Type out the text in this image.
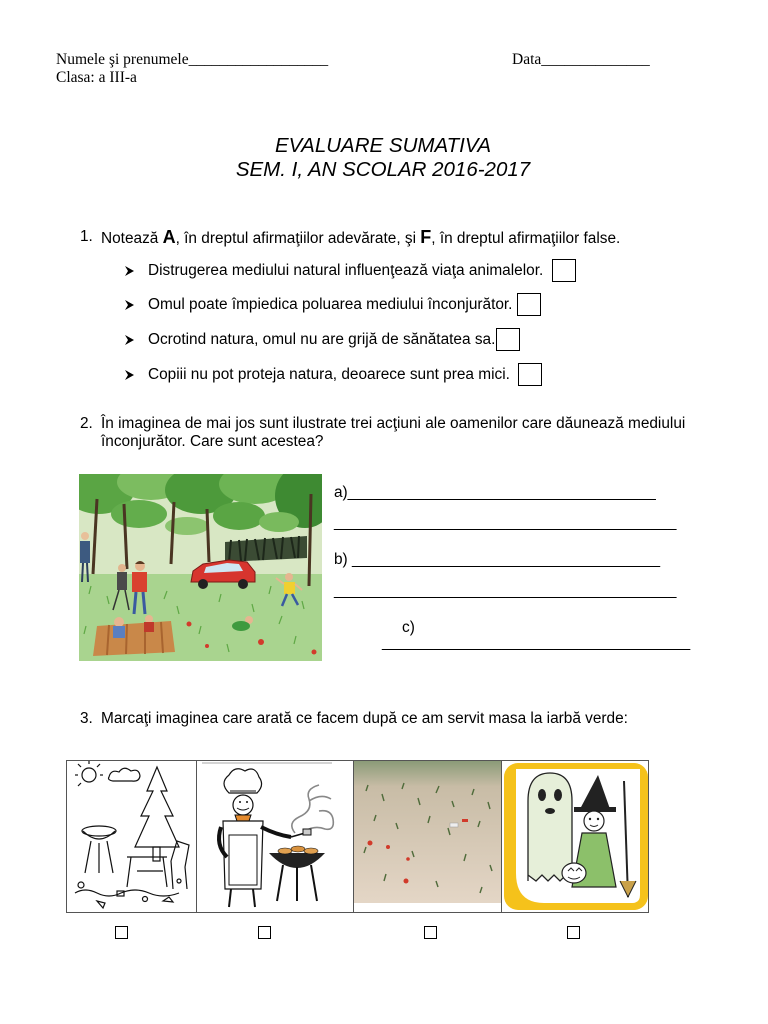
Numele şi prenumele__________________	Data______________
Clasa: a III-a
EVALUARE SUMATIVA
SEM. I, AN SCOLAR 2016-2017
1. Notează A, în dreptul afirmaţiilor adevărate, şi F, în dreptul afirmaţiilor false.
Distrugerea mediului natural influenţează viaţa animalelor.
Omul poate împiedica poluarea mediului înconjurător.
Ocrotind natura, omul nu are grijă de sănătatea sa.
Copiii nu pot proteja natura, deoarece sunt prea mici.
2. În imaginea de mai jos sunt ilustrate trei acţiuni ale oamenilor care dăunează mediului
înconjurător. Care sunt acestea?
a)____________________________________
________________________________________
b) ____________________________________
________________________________________
c)
____________________________________
3. Marcaţi imaginea care arată ce facem după ce am servit masa la iarbă verde:
